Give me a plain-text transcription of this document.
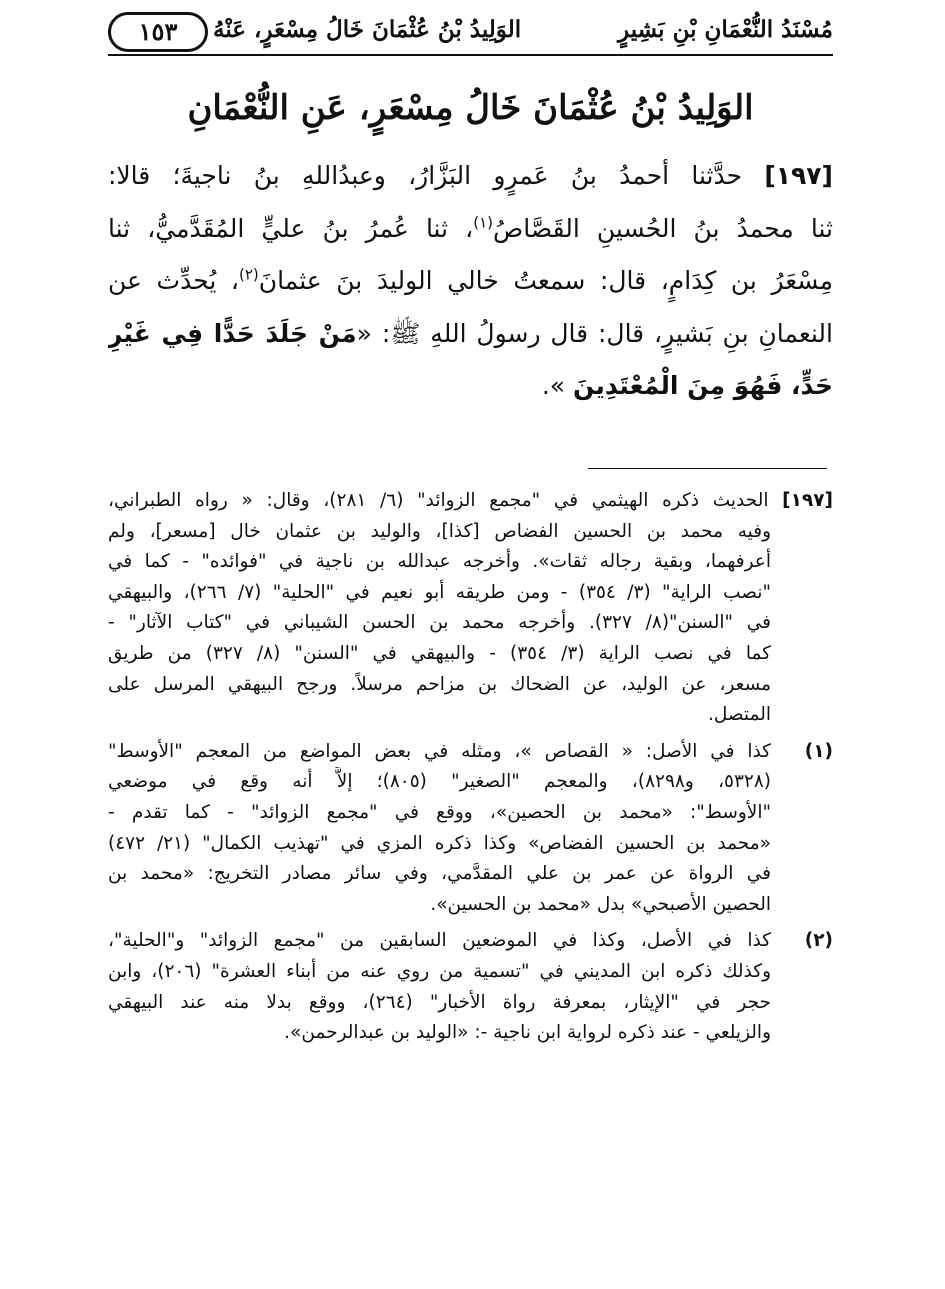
مُسْنَدُ النُّعْمَانِ بْنِ بَشِيرٍ
الوَلِيدُ بْنُ عُثْمَانَ خَالُ مِسْعَرٍ، عَنْهُ
١٥٣
الوَلِيدُ بْنُ عُثْمَانَ خَالُ مِسْعَرٍ، عَنِ النُّعْمَانِ
[١٩٧] حدَّثنا أحمدُ بنُ عَمرٍو البَزَّارُ، وعبدُاللهِ بنُ ناجيةَ؛ قالا:
ثنا محمدُ بنُ الحُسينِ القَصَّاصُ$^{(١)}$، ثنا عُمرُ بنُ عليٍّ المُقَدَّميُّ، ثنا
مِسْعَرُ بن كِدَامٍ، قال: سمعتُ خالي الوليدَ بنَ عثمانَ$^{(٢)}$، يُحدِّث عن
النعمانِ بنِ بَشيرٍ، قال: قال رسولُ اللهِ ﷺ: «مَنْ جَلَدَ حَدًّا فِي غَيْرِ
حَدٍّ، فَهُوَ مِنَ الْمُعْتَدِينَ ».
[١٩٧] الحديث ذكره الهيثمي في "مجمع الزوائد" (٦/ ٢٨١)، وقال: « رواه الطبراني،
وفيه محمد بن الحسين الفضاص [كذا]، والوليد بن عثمان خال [مسعر]، ولم
أعرفهما، وبقية رجاله ثقات». وأخرجه عبدالله بن ناجية في "فوائده" - كما في
"نصب الراية" (٣/ ٣٥٤) - ومن طريقه أبو نعيم في "الحلية" (٧/ ٢٦٦)، والبيهقي
في "السنن"(٨/ ٣٢٧). وأخرجه محمد بن الحسن الشيباني في "كتاب الآثار" -
كما في نصب الراية (٣/ ٣٥٤) - والبيهقي في "السنن" (٨/ ٣٢٧) من طريق
مسعر، عن الوليد، عن الضحاك بن مزاحم مرسلاً. ورجح البيهقي المرسل على
المتصل.
(١)
كذا في الأصل: « القصاص »، ومثله في بعض المواضع من المعجم "الأوسط"
(٥٣٢٨، و٨٢٩٨)، والمعجم "الصغير" (٨٠٥)؛ إلاَّ أنه وقع في موضعي
"الأوسط": «محمد بن الحصين»، ووقع في "مجمع الزوائد" - كما تقدم -
«محمد بن الحسين الفضاص» وكذا ذكره المزي في "تهذيب الكمال" (٢١/ ٤٧٢)
في الرواة عن عمر بن علي المقدَّمي، وفي سائر مصادر التخريج: «محمد بن
الحصين الأصبحي» بدل «محمد بن الحسين».
(٢)
كذا في الأصل، وكذا في الموضعين السابقين من "مجمع الزوائد" و"الحلية"،
وكذلك ذكره ابن المديني في "تسمية من روي عنه من أبناء العشرة" (٢٠٦)، وابن
حجر في "الإيثار، بمعرفة رواة الأخبار" (٢٦٤)، ووقع بدلا منه عند البيهقي
والزيلعي - عند ذكره لرواية ابن ناجية -: «الوليد بن عبدالرحمن».
